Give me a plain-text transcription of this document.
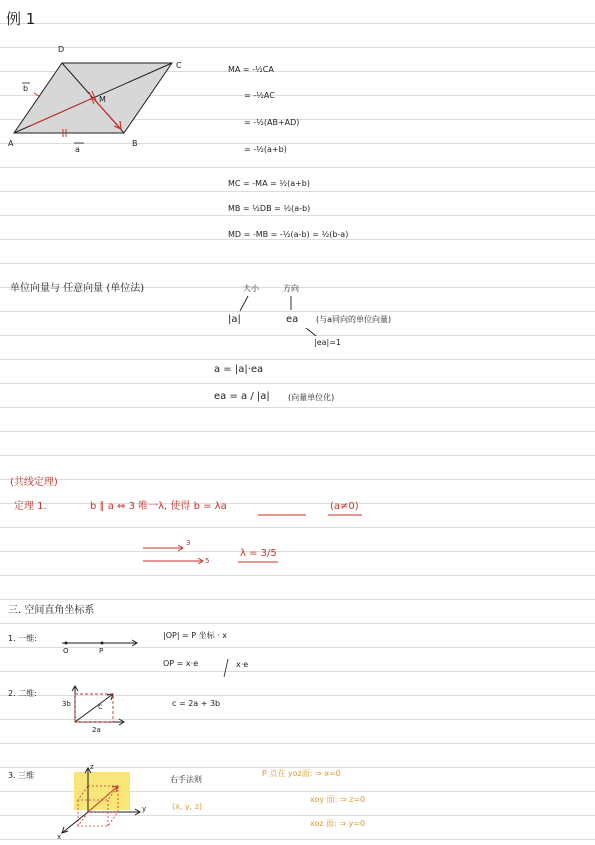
例 1
D
C
A	B
M
a
b
MA = -½CA
= -½AC
= -½(AB+AD)
= -½(a+b)
MC = -MA = ½(a+b)
MB = ½DB = ½(a-b)
MD = -MB = -½(a-b) = ½(b-a)
单位向量与 任意向量 (单位法)	大小	方向
|a|	ea (与a同向的单位向量)
|ea|=1
a = |a|·ea
ea = a / |a| (向量单位化)
(共线定理)
定理 1.	b ∥ a ⇔ 3 唯一λ, 使得 b = λa	(a≠0)
3
5
λ = 3/5
三. 空间直角坐标系
1. 一维:
O	P
|OP| = P 坐标 · x
OP = x·e	x·e
2. 二维:
3b
2a
c	c = 2a + 3b
3. 三维
z
x
y
右手法则
(x, y, z)
P 点在 yoz面: ⇒ x=0
xoy 面: ⇒ z=0
xoz 面: ⇒ y=0
